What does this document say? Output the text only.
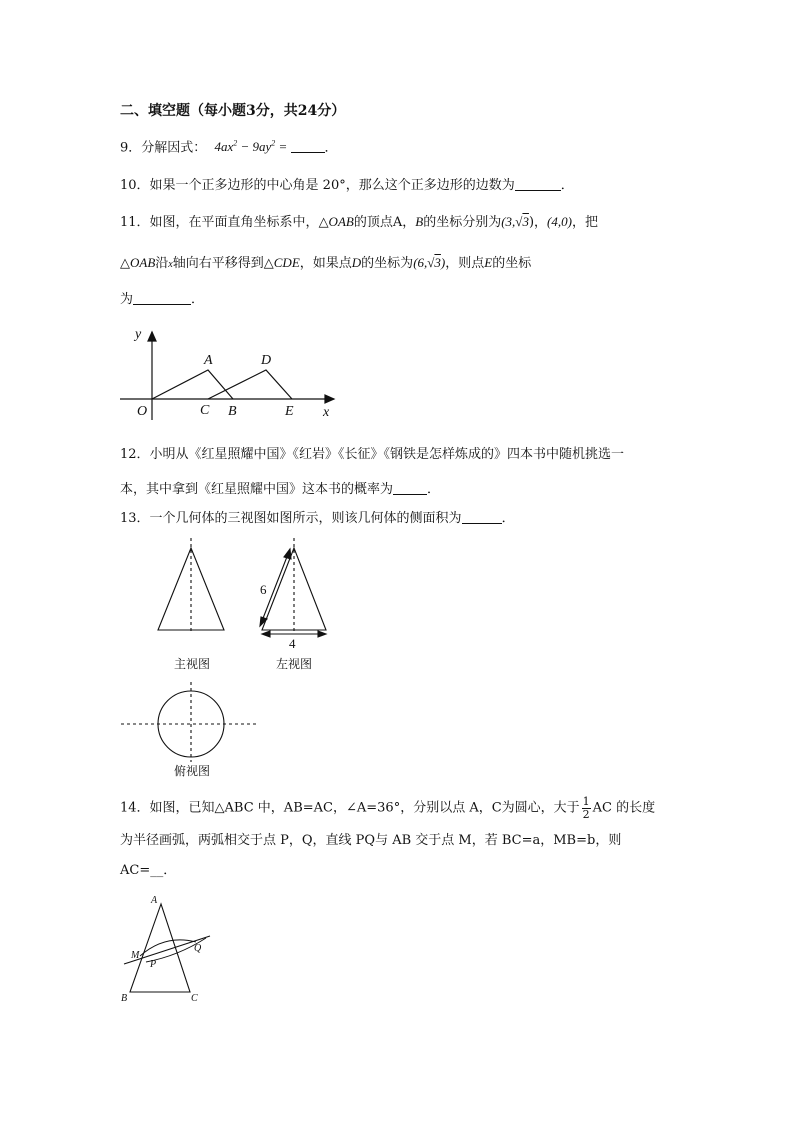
二、填空题（每小题3分，共24分）
9．分解因式： $4ax^2 - 9ay^2$ =	．
10．如果一个正多边形的中心角是 20°，那么这个正多边形的边数为	．
11．如图，在平面直角坐标系中，△OAB的顶点A，B的坐标分别为(3,√3)，(4,0)，把
△OAB沿x轴向右平移得到△CDE，如果点D的坐标为(6,√3)，则点E的坐标
为	．
y
x
O
A	D
C B	E
12．小明从《红星照耀中国》《红岩》《长征》《钢铁是怎样炼成的》四本书中随机挑选一
本，其中拿到《红星照耀中国》这本书的概率为	．
13．一个几何体的三视图如图所示，则该几何体的侧面积为	．
6
4
主视图	左视图
俯视图
14．如图，已知△ABC 中，AB=AC，∠A=36°，分别以点 A，C为圆心，大于 $\frac{1}{2}$ AC 的长度
为半径画弧，两弧相交于点 P，Q，直线 PQ与 AB 交于点 M，若 BC=a，MB=b，则
AC=__．
A
B	C
M
P
Q
